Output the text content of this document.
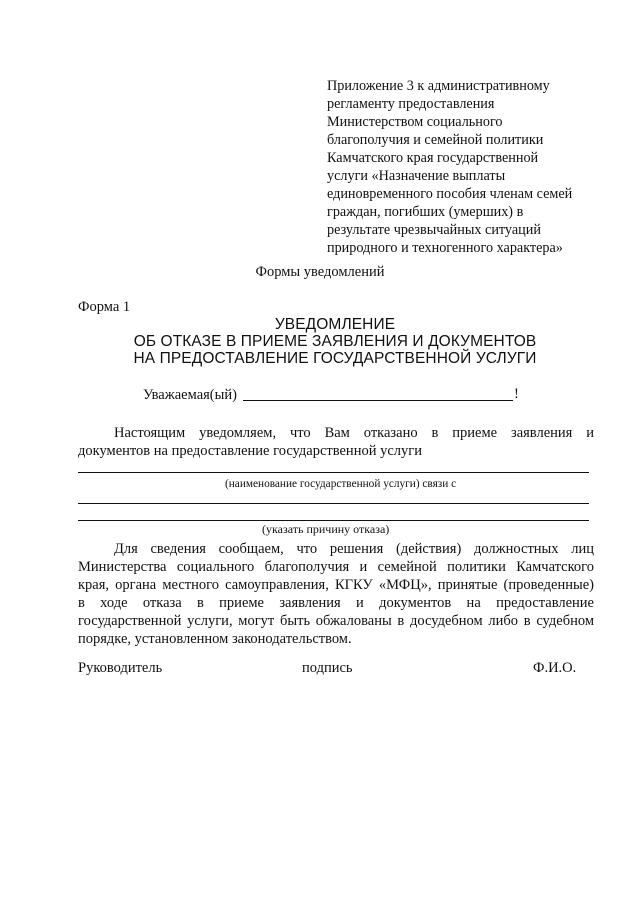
Приложение 3 к административному
регламенту предоставления
Министерством социального
благополучия и семейной политики
Камчатского края государственной
услуги «Назначение выплаты
единовременного пособия членам семей
граждан, погибших (умерших) в
результате чрезвычайных ситуаций
природного и техногенного характера»
Формы уведомлений
Форма 1
УВЕДОМЛЕНИЕ
ОБ ОТКАЗЕ В ПРИЕМЕ ЗАЯВЛЕНИЯ И ДОКУМЕНТОВ
НА ПРЕДОСТАВЛЕНИЕ ГОСУДАРСТВЕННОЙ УСЛУГИ
Уважаемая(ый)	!
Настоящим уведомляем, что Вам отказано в приеме заявления и
документов на предоставление государственной услуги
(наименование государственной услуги) связи с
(указать причину отказа)
Для сведения сообщаем, что решения (действия) должностных лиц
Министерства социального благополучия и семейной политики Камчатского
края, органа местного самоуправления, КГКУ «МФЦ», принятые (проведенные)
в ходе отказа в приеме заявления и документов на предоставление
государственной услуги, могут быть обжалованы в досудебном либо в судебном
порядке, установленном законодательством.
Руководитель	подпись	Ф.И.О.
